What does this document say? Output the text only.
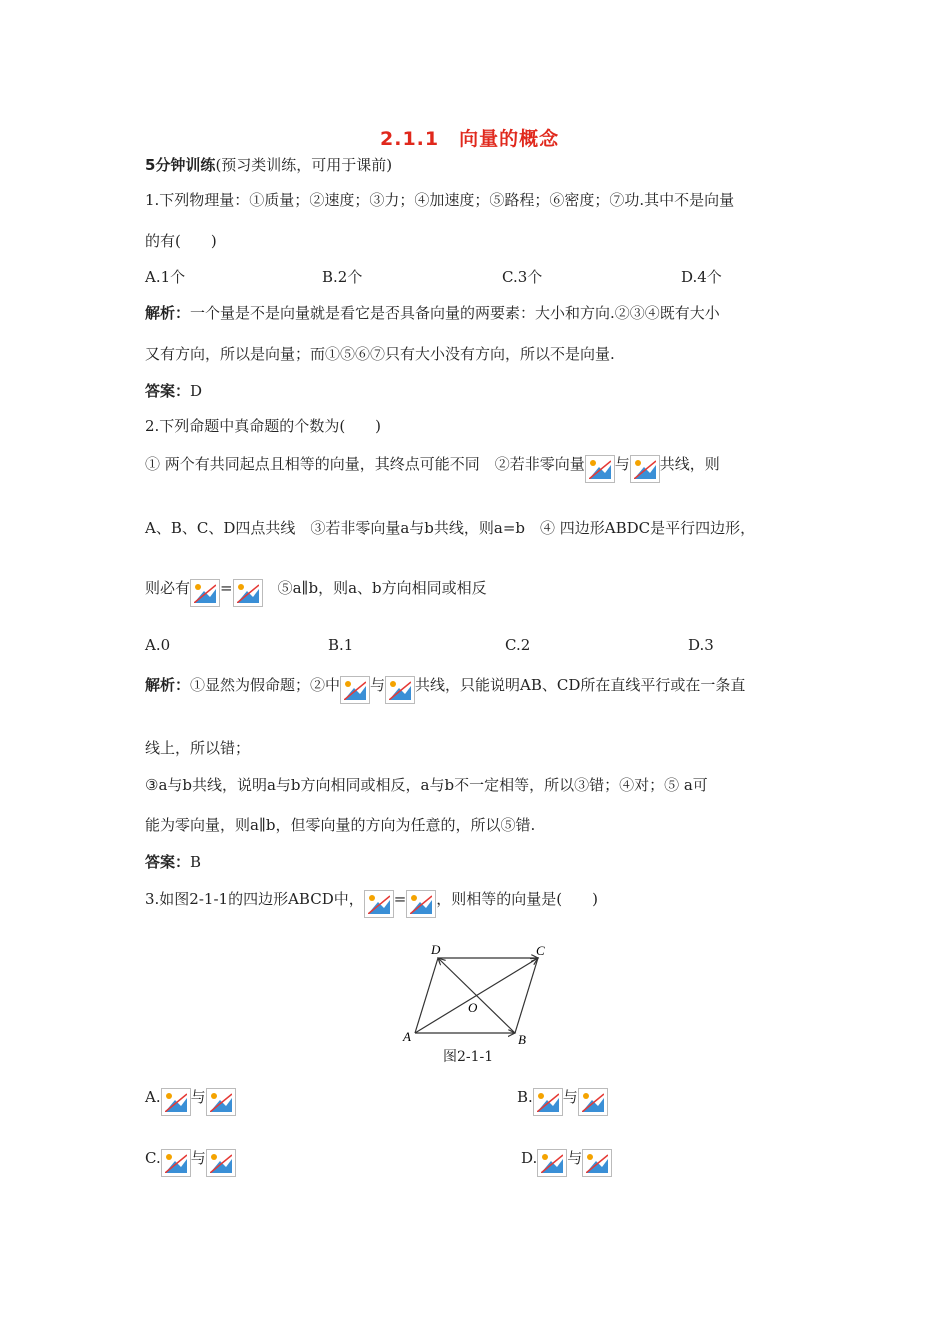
2.1.1　向量的概念
5分钟训练(预习类训练，可用于课前)
1.下列物理量：①质量；②速度；③力；④加速度；⑤路程；⑥密度；⑦功.其中不是向量
的有(　　)
A.1个	B.2个	C.3个	D.4个
解析：一个量是不是向量就是看它是否具备向量的两要素：大小和方向.②③④既有大小
又有方向，所以是向量；而①⑤⑥⑦只有大小没有方向，所以不是向量.
答案：D
2.下列命题中真命题的个数为(　　)
① 两个有共同起点且相等的向量，其终点可能不同　②若非零向量 与 共线，则
A、B、C、D四点共线　③若非零向量a与b共线，则a=b　④ 四边形ABDC是平行四边形，
则必有 =
　⑤a∥b，则a、b方向相同或相反
A.0	B.1	C.2	D.3
解析：①显然为假命题；②中 与 共线，只能说明AB、CD所在直线平行或在一条直
线上，所以错；
③a与b共线，说明a与b方向相同或相反，a与b不一定相等，所以③错；④对；⑤ a可
能为零向量，则a∥b，但零向量的方向为任意的，所以⑤错.
答案：B
3.如图2-1-1的四边形ABCD中， = ，则相等的向量是(　　)
A	B
C
D
O
图2-1-1
A. 与	B. 与
C. 与	D. 与
